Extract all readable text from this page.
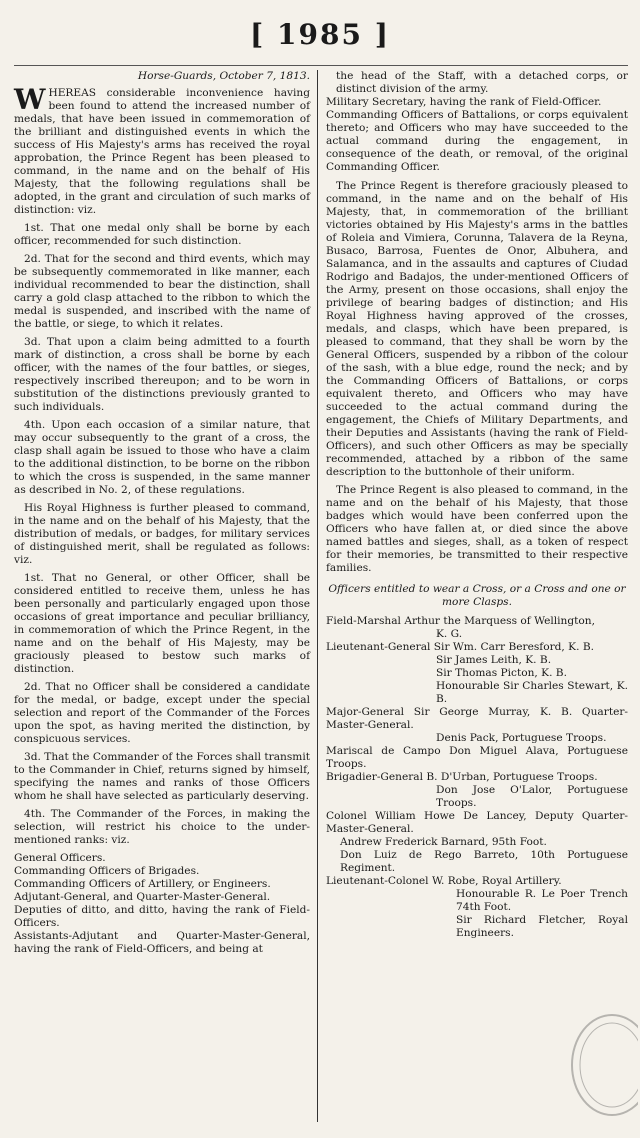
[ 1985 ]

Horse-Guards, October 7, 1813.

WHEREAS considerable inconvenience having been found to attend the increased number of medals, that have been issued in commemoration of the brilliant and distinguished events in which the success of His Majesty's arms has received the royal approbation, the Prince Regent has been pleased to command, in the name and on the behalf of His Majesty, that the following regulations shall be adopted, in the grant and circulation of such marks of distinction: viz.

1st. That one medal only shall be borne by each officer, recommended for such distinction.

2d. That for the second and third events, which may be subsequently commemorated in like manner, each individual recommended to bear the distinction, shall carry a gold clasp attached to the ribbon to which the medal is suspended, and inscribed with the name of the battle, or siege, to which it relates.

3d. That upon a claim being admitted to a fourth mark of distinction, a cross shall be borne by each officer, with the names of the four battles, or sieges, respectively inscribed thereupon; and to be worn in substitution of the distinctions previously granted to such individuals.

4th. Upon each occasion of a similar nature, that may occur subsequently to the grant of a cross, the clasp shall again be issued to those who have a claim to the additional distinction, to be borne on the ribbon to which the cross is suspended, in the same manner as described in No. 2, of these regulations.

His Royal Highness is further pleased to command, in the name and on the behalf of his Majesty, that the distribution of medals, or badges, for military services of distinguished merit, shall be regulated as follows: viz.

1st. That no General, or other Officer, shall be considered entitled to receive them, unless he has been personally and particularly engaged upon those occasions of great importance and peculiar brilliancy, in commemoration of which the Prince Regent, in the name and on the behalf of His Majesty, may be graciously pleased to bestow such marks of distinction.

2d. That no Officer shall be considered a candidate for the medal, or badge, except under the special selection and report of the Commander of the Forces upon the spot, as having merited the distinction, by conspicuous services.

3d. That the Commander of the Forces shall transmit to the Commander in Chief, returns signed by himself, specifying the names and ranks of those Officers whom he shall have selected as particularly deserving.

4th. The Commander of the Forces, in making the selection, will restrict his choice to the under-mentioned ranks: viz.

General Officers.

Commanding Officers of Brigades.

Commanding Officers of Artillery, or Engineers.

Adjutant-General, and Quarter-Master-General.

Deputies of ditto, and ditto, having the rank of Field-Officers.

Assistants-Adjutant and Quarter-Master-General, having the rank of Field-Officers, and being at

the head of the Staff, with a detached corps, or distinct division of the army.

Military Secretary, having the rank of Field-Officer.

Commanding Officers of Battalions, or corps equivalent thereto; and Officers who may have succeeded to the actual command during the engagement, in consequence of the death, or removal, of the original Commanding Officer.

The Prince Regent is therefore graciously pleased to command, in the name and on the behalf of His Majesty, that, in commemoration of the brilliant victories obtained by His Majesty's arms in the battles of Roleia and Vimiera, Corunna, Talavera de la Reyna, Busaco, Barrosa, Fuentes de Onor, Albuhera, and Salamanca, and in the assaults and captures of Ciudad Rodrigo and Badajos, the under-mentioned Officers of the Army, present on those occasions, shall enjoy the privilege of bearing badges of distinction; and His Royal Highness having approved of the crosses, medals, and clasps, which have been prepared, is pleased to command, that they shall be worn by the General Officers, suspended by a ribbon of the colour of the sash, with a blue edge, round the neck; and by the Commanding Officers of Battalions, or corps equivalent thereto, and Officers who may have succeeded to the actual command during the engagement, the Chiefs of Military Departments, and their Deputies and Assistants (having the rank of Field-Officers), and such other Officers as may be specially recommended, attached by a ribbon of the same description to the buttonhole of their uniform.

The Prince Regent is also pleased to command, in the name and on the behalf of his Majesty, that those badges which would have been conferred upon the Officers who have fallen at, or died since the above named battles and sieges, shall, as a token of respect for their memories, be transmitted to their respective families.

Officers entitled to wear a Cross, or a Cross and one or more Clasps.

Field-Marshal Arthur the Marquess of Wellington,

K. G.

Lieutenant-General Sir Wm. Carr Beresford, K. B.

Sir James Leith, K. B.

Sir Thomas Picton, K. B.

Honourable Sir Charles Stewart, K. B.

Major-General Sir George Murray, K. B. Quarter-Master-General.

Denis Pack, Portuguese Troops.

Mariscal de Campo Don Miguel Alava, Portuguese Troops.

Brigadier-General B. D'Urban, Portuguese Troops.

Don Jose O'Lalor, Portuguese Troops.

Colonel William Howe De Lancey, Deputy Quarter-Master-General.

Andrew Frederick Barnard, 95th Foot.

Don Luiz de Rego Barreto, 10th Portuguese Regiment.

Lieutenant-Colonel W. Robe, Royal Artillery.

Honourable R. Le Poer Trench 74th Foot.

Sir Richard Fletcher, Royal Engineers.
